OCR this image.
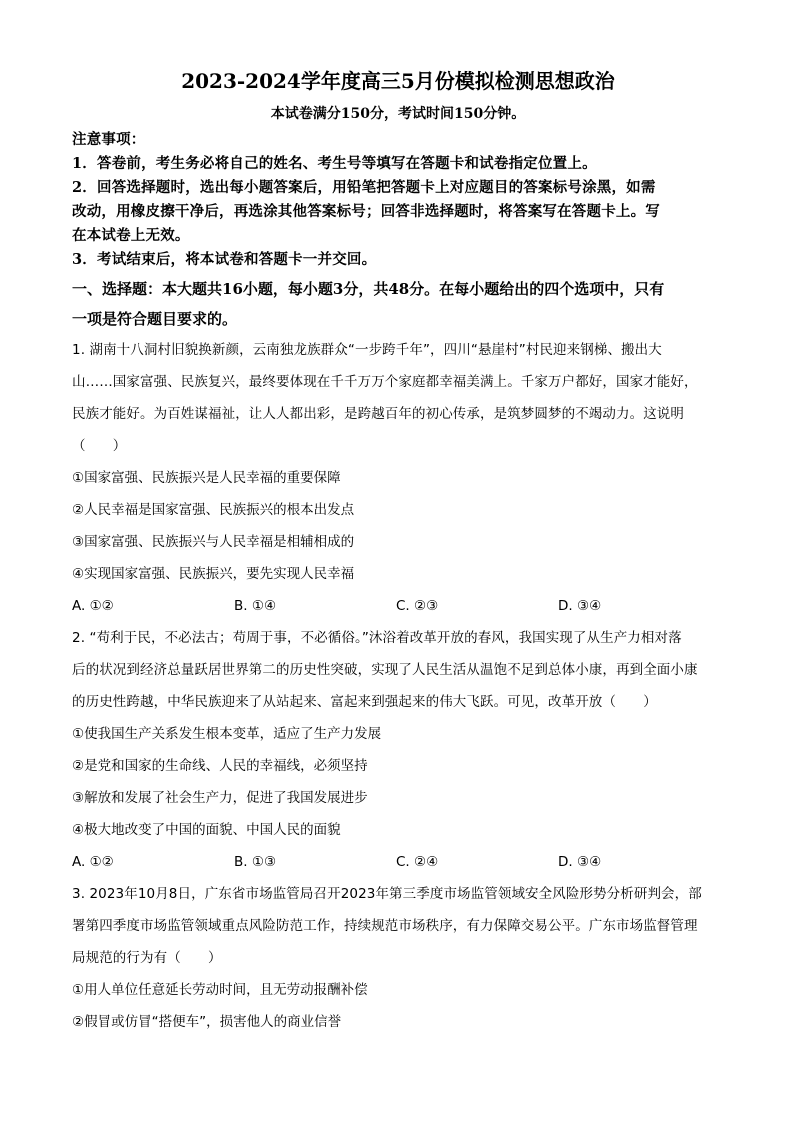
2023-2024学年度高三5月份模拟检测思想政治
本试卷满分150分，考试时间150分钟。

注意事项：

1．答卷前，考生务必将自己的姓名、考生号等填写在答题卡和试卷指定位置上。

2．回答选择题时，选出每小题答案后，用铅笔把答题卡上对应题目的答案标号涂黑，如需

改动，用橡皮擦干净后，再选涂其他答案标号；回答非选择题时，将答案写在答题卡上。写

在本试卷上无效。

3．考试结束后，将本试卷和答题卡一并交回。

一、选择题：本大题共16小题，每小题3分，共48分。在每小题给出的四个选项中，只有
一项是符合题目要求的。

1. 湖南十八洞村旧貌换新颜，云南独龙族群众“一步跨千年”，四川“悬崖村”村民迎来钢梯、搬出大

山……国家富强、民族复兴，最终要体现在千千万万个家庭都幸福美满上。千家万户都好，国家才能好，

民族才能好。为百姓谋福祉，让人人都出彩，是跨越百年的初心传承，是筑梦圆梦的不竭动力。这说明

（　　）

①国家富强、民族振兴是人民幸福的重要保障

②人民幸福是国家富强、民族振兴的根本出发点

③国家富强、民族振兴与人民幸福是相辅相成的

④实现国家富强、民族振兴，要先实现人民幸福

A. ①②	B. ①④	C. ②③	D. ③④

2. “苟利于民，不必法古；苟周于事，不必循俗。”沐浴着改革开放的春风，我国实现了从生产力相对落

后的状况到经济总量跃居世界第二的历史性突破，实现了人民生活从温饱不足到总体小康，再到全面小康

的历史性跨越，中华民族迎来了从站起来、富起来到强起来的伟大飞跃。可见，改革开放（　　）

①使我国生产关系发生根本变革，适应了生产力发展

②是党和国家的生命线、人民的幸福线，必须坚持

③解放和发展了社会生产力，促进了我国发展进步

④极大地改变了中国的面貌、中国人民的面貌

A. ①②	B. ①③	C. ②④	D. ③④

3. 2023年10月8日，广东省市场监管局召开2023年第三季度市场监管领域安全风险形势分析研判会，部

署第四季度市场监管领域重点风险防范工作，持续规范市场秩序，有力保障交易公平。广东市场监督管理

局规范的行为有（　　）

①用人单位任意延长劳动时间，且无劳动报酬补偿

②假冒或仿冒“搭便车”，损害他人的商业信誉
